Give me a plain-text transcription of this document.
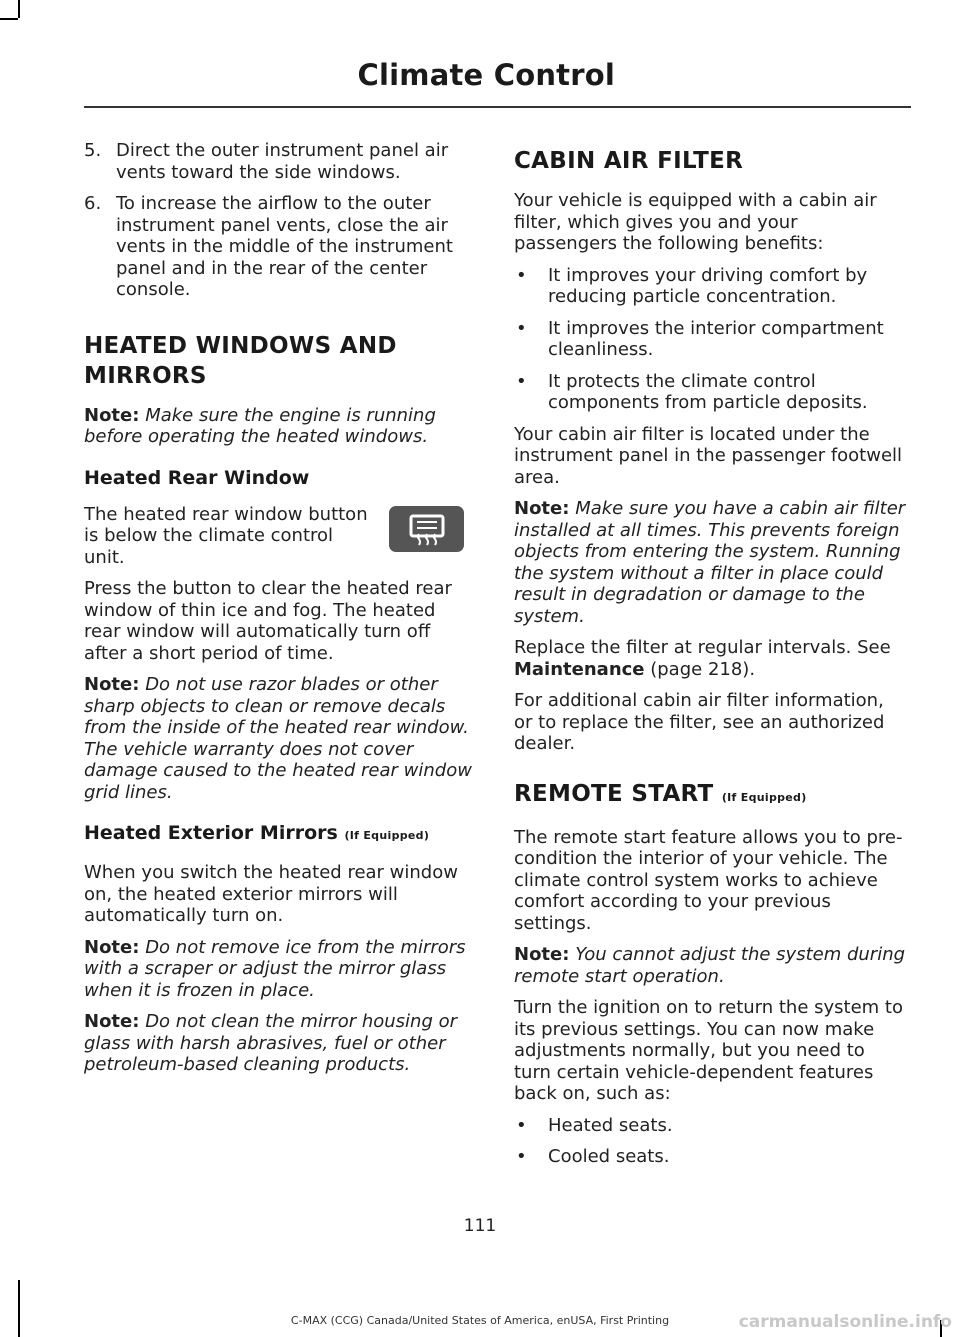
Climate Control
5. Direct the outer instrument panel air vents toward the side windows.
6. To increase the airflow to the outer instrument panel vents, close the air vents in the middle of the instrument panel and in the rear of the center console.
HEATED WINDOWS AND
MIRRORS

Note: Make sure the engine is running before operating the heated windows.

Heated Rear Window

The heated rear window button is below the climate control unit.

Press the button to clear the heated rear window of thin ice and fog. The heated rear window will automatically turn off after a short period of time.

Note: Do not use razor blades or other sharp objects to clean or remove decals from the inside of the heated rear window. The vehicle warranty does not cover damage caused to the heated rear window grid lines.

Heated Exterior Mirrors (If Equipped)

When you switch the heated rear window on, the heated exterior mirrors will automatically turn on.

Note: Do not remove ice from the mirrors with a scraper or adjust the mirror glass when it is frozen in place.

Note: Do not clean the mirror housing or glass with harsh abrasives, fuel or other petroleum-based cleaning products.

CABIN AIR FILTER

Your vehicle is equipped with a cabin air filter, which gives you and your passengers the following benefits:

• It improves your driving comfort by reducing particle concentration.
• It improves the interior compartment cleanliness.
• It protects the climate control components from particle deposits.

Your cabin air filter is located under the instrument panel in the passenger footwell area.

Note: Make sure you have a cabin air filter installed at all times. This prevents foreign objects from entering the system. Running the system without a filter in place could result in degradation or damage to the system.

Replace the filter at regular intervals. See Maintenance (page 218).

For additional cabin air filter information, or to replace the filter, see an authorized dealer.

REMOTE START (If Equipped)

The remote start feature allows you to pre-condition the interior of your vehicle. The climate control system works to achieve comfort according to your previous settings.

Note: You cannot adjust the system during remote start operation.

Turn the ignition on to return the system to its previous settings. You can now make adjustments normally, but you need to turn certain vehicle-dependent features back on, such as:

• Heated seats.
• Cooled seats.
111
C-MAX (CCG) Canada/United States of America, enUSA, First Printing	carmanualsonline.info
